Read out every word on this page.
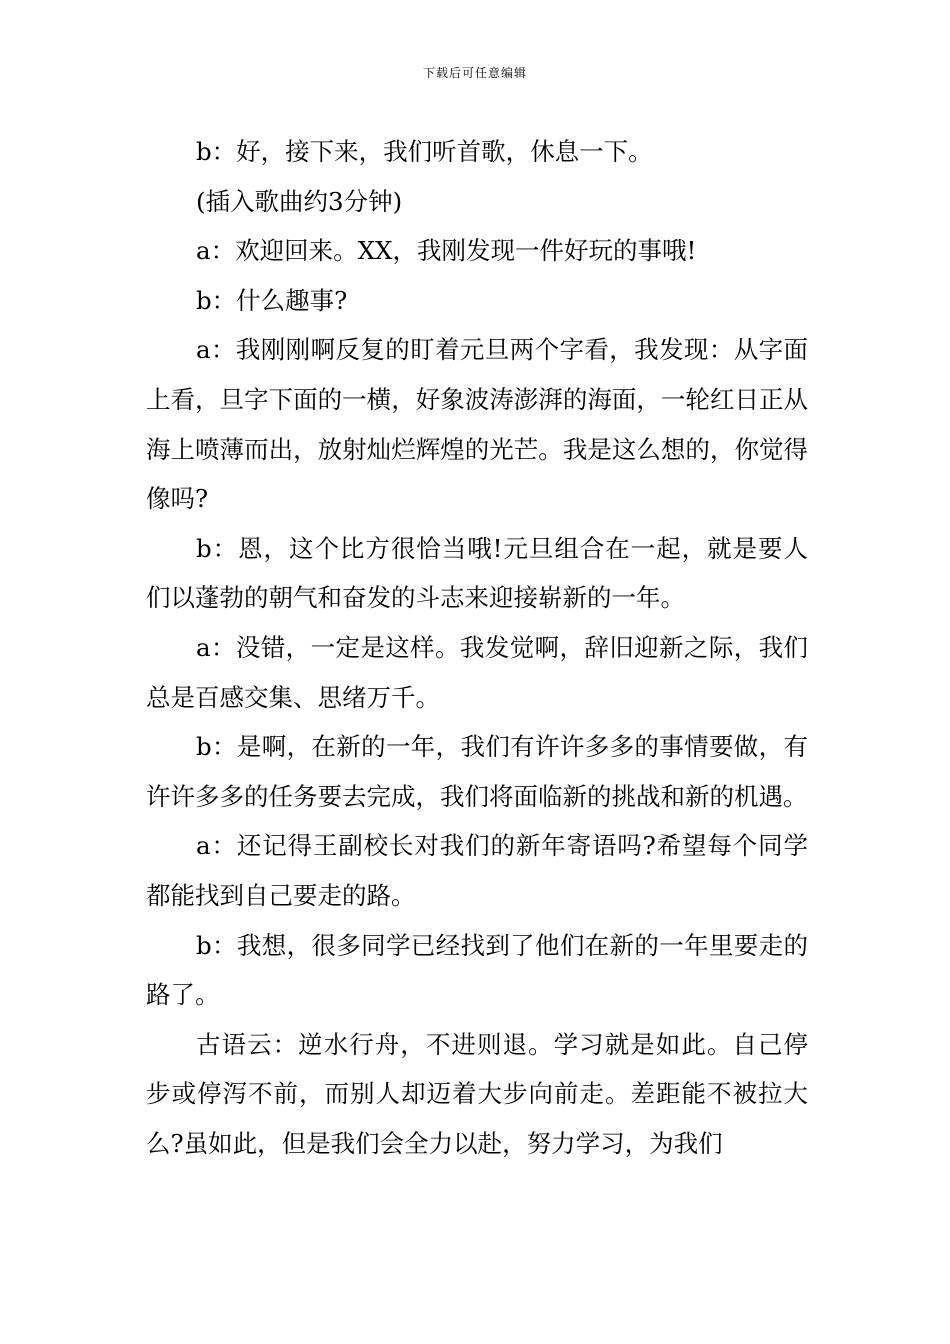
下载后可任意编辑

b：好，接下来，我们听首歌，休息一下。

(插入歌曲约3分钟)

a：欢迎回来。XX，我刚发现一件好玩的事哦!

b：什么趣事?

a：我刚刚啊反复的盯着元旦两个字看，我发现：从字面上看，旦字下面的一横，好象波涛澎湃的海面，一轮红日正从海上喷薄而出，放射灿烂辉煌的光芒。我是这么想的，你觉得像吗?

b：恩，这个比方很恰当哦!元旦组合在一起，就是要人们以蓬勃的朝气和奋发的斗志来迎接崭新的一年。

a：没错，一定是这样。我发觉啊，辞旧迎新之际，我们总是百感交集、思绪万千。

b：是啊，在新的一年，我们有许许多多的事情要做，有许许多多的任务要去完成，我们将面临新的挑战和新的机遇。

a：还记得王副校长对我们的新年寄语吗?希望每个同学都能找到自己要走的路。

b：我想，很多同学已经找到了他们在新的一年里要走的路了。

古语云：逆水行舟，不进则退。学习就是如此。自己停步或停泻不前，而别人却迈着大步向前走。差距能不被拉大么?虽如此，但是我们会全力以赴，努力学习，为我们
